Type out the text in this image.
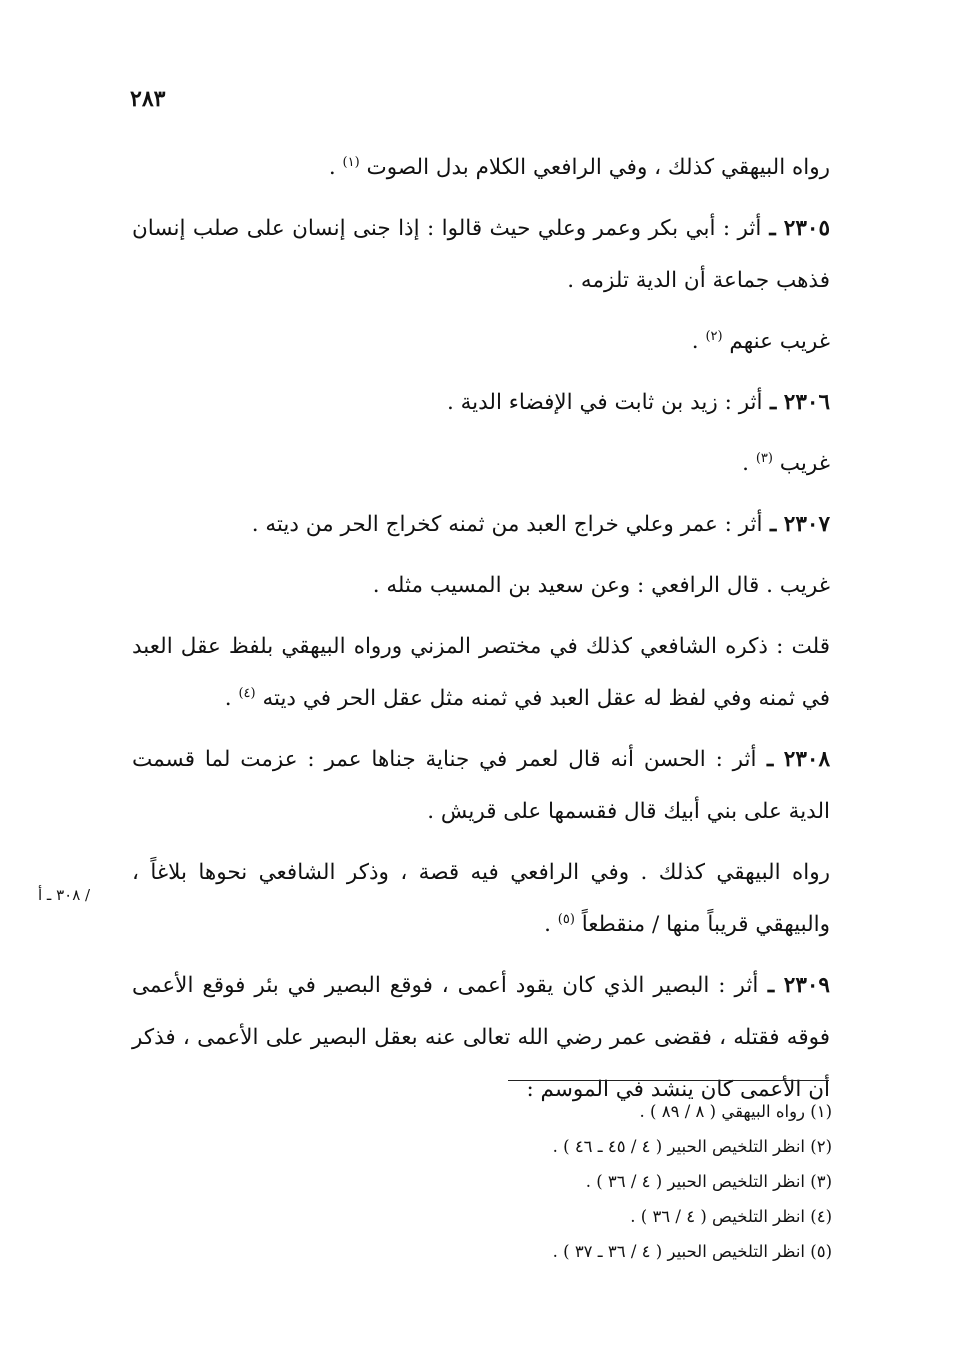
٢٨٣
/ ٣٠٨ ـ أ

رواه البيهقي كذلك ، وفي الرافعي الكلام بدل الصوت $^{(١)}$ .

٢٣٠٥ ـ أثر : أبي بكر وعمر وعلي حيث قالوا : إذا جنى إنسان على صلب إنسان فذهب جماعة أن الدية تلزمه .

غريب عنهم $^{(٢)}$ .

٢٣٠٦ ـ أثر : زيد بن ثابت في الإفضاء الدية .

غريب $^{(٣)}$ .

٢٣٠٧ ـ أثر : عمر وعلي خراج العبد من ثمنه كخراج الحر من ديته .

غريب . قال الرافعي : وعن سعيد بن المسيب مثله .

قلت : ذكره الشافعي كذلك في مختصر المزني ورواه البيهقي بلفظ عقل العبد في ثمنه وفي لفظ له عقل العبد في ثمنه مثل عقل الحر في ديته $^{(٤)}$ .

٢٣٠٨ ـ أثر : الحسن أنه قال لعمر في جناية جناها عمر : عزمت لما قسمت الدية على بني أبيك قال فقسمها على قريش .

رواه البيهقي كذلك . وفي الرافعي فيه قصة ، وذكر الشافعي نحوها بلاغاً ، والبيهقي قريباً منها / منقطعاً $^{(٥)}$ .

٢٣٠٩ ـ أثر : البصير الذي كان يقود أعمى ، فوقع البصير في بئر فوقع الأعمى فوقه فقتله ، فقضى عمر رضي الله تعالى عنه بعقل البصير على الأعمى ، فذكر أن الأعمى كان ينشد في الموسم :

(١) رواه البيهقي ( ٨ / ٨٩ ) .
(٢) انظر التلخيص الحبير ( ٤ / ٤٥ ـ ٤٦ ) .
(٣) انظر التلخيص الحبير ( ٤ / ٣٦ ) .
(٤) انظر التلخيص ( ٤ / ٣٦ ) .
(٥) انظر التلخيص الحبير ( ٤ / ٣٦ ـ ٣٧ ) .
